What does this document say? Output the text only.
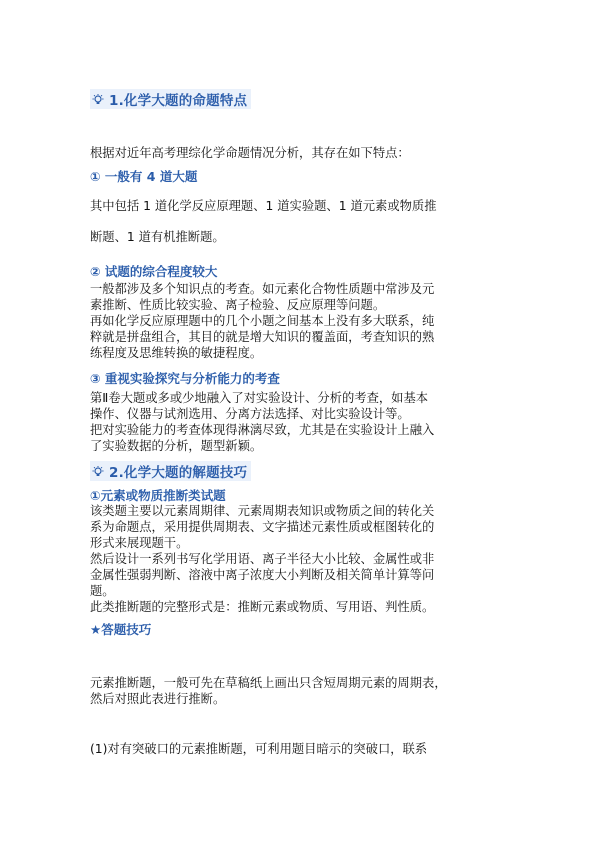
1.化学大题的命题特点
根据对近年高考理综化学命题情况分析，其存在如下特点：
① 一般有 4 道大题
其中包括 1 道化学反应原理题、1 道实验题、1 道元素或物质推
断题、1 道有机推断题。
② 试题的综合程度较大
一般都涉及多个知识点的考查。如元素化合物性质题中常涉及元
素推断、性质比较实验、离子检验、反应原理等问题。
再如化学反应原理题中的几个小题之间基本上没有多大联系，纯
粹就是拼盘组合，其目的就是增大知识的覆盖面，考查知识的熟
练程度及思维转换的敏捷程度。
③ 重视实验探究与分析能力的考查
第Ⅱ卷大题或多或少地融入了对实验设计、分析的考查，如基本
操作、仪器与试剂选用、分离方法选择、对比实验设计等。
把对实验能力的考查体现得淋漓尽致，尤其是在实验设计上融入
了实验数据的分析，题型新颖。
2.化学大题的解题技巧
①元素或物质推断类试题
该类题主要以元素周期律、元素周期表知识或物质之间的转化关
系为命题点，采用提供周期表、文字描述元素性质或框图转化的
形式来展现题干。
然后设计一系列书写化学用语、离子半径大小比较、金属性或非
金属性强弱判断、溶液中离子浓度大小判断及相关简单计算等问
题。
此类推断题的完整形式是：推断元素或物质、写用语、判性质。
★答题技巧
元素推断题，一般可先在草稿纸上画出只含短周期元素的周期表，
然后对照此表进行推断。
(1)对有突破口的元素推断题，可利用题目暗示的突破口，联系
